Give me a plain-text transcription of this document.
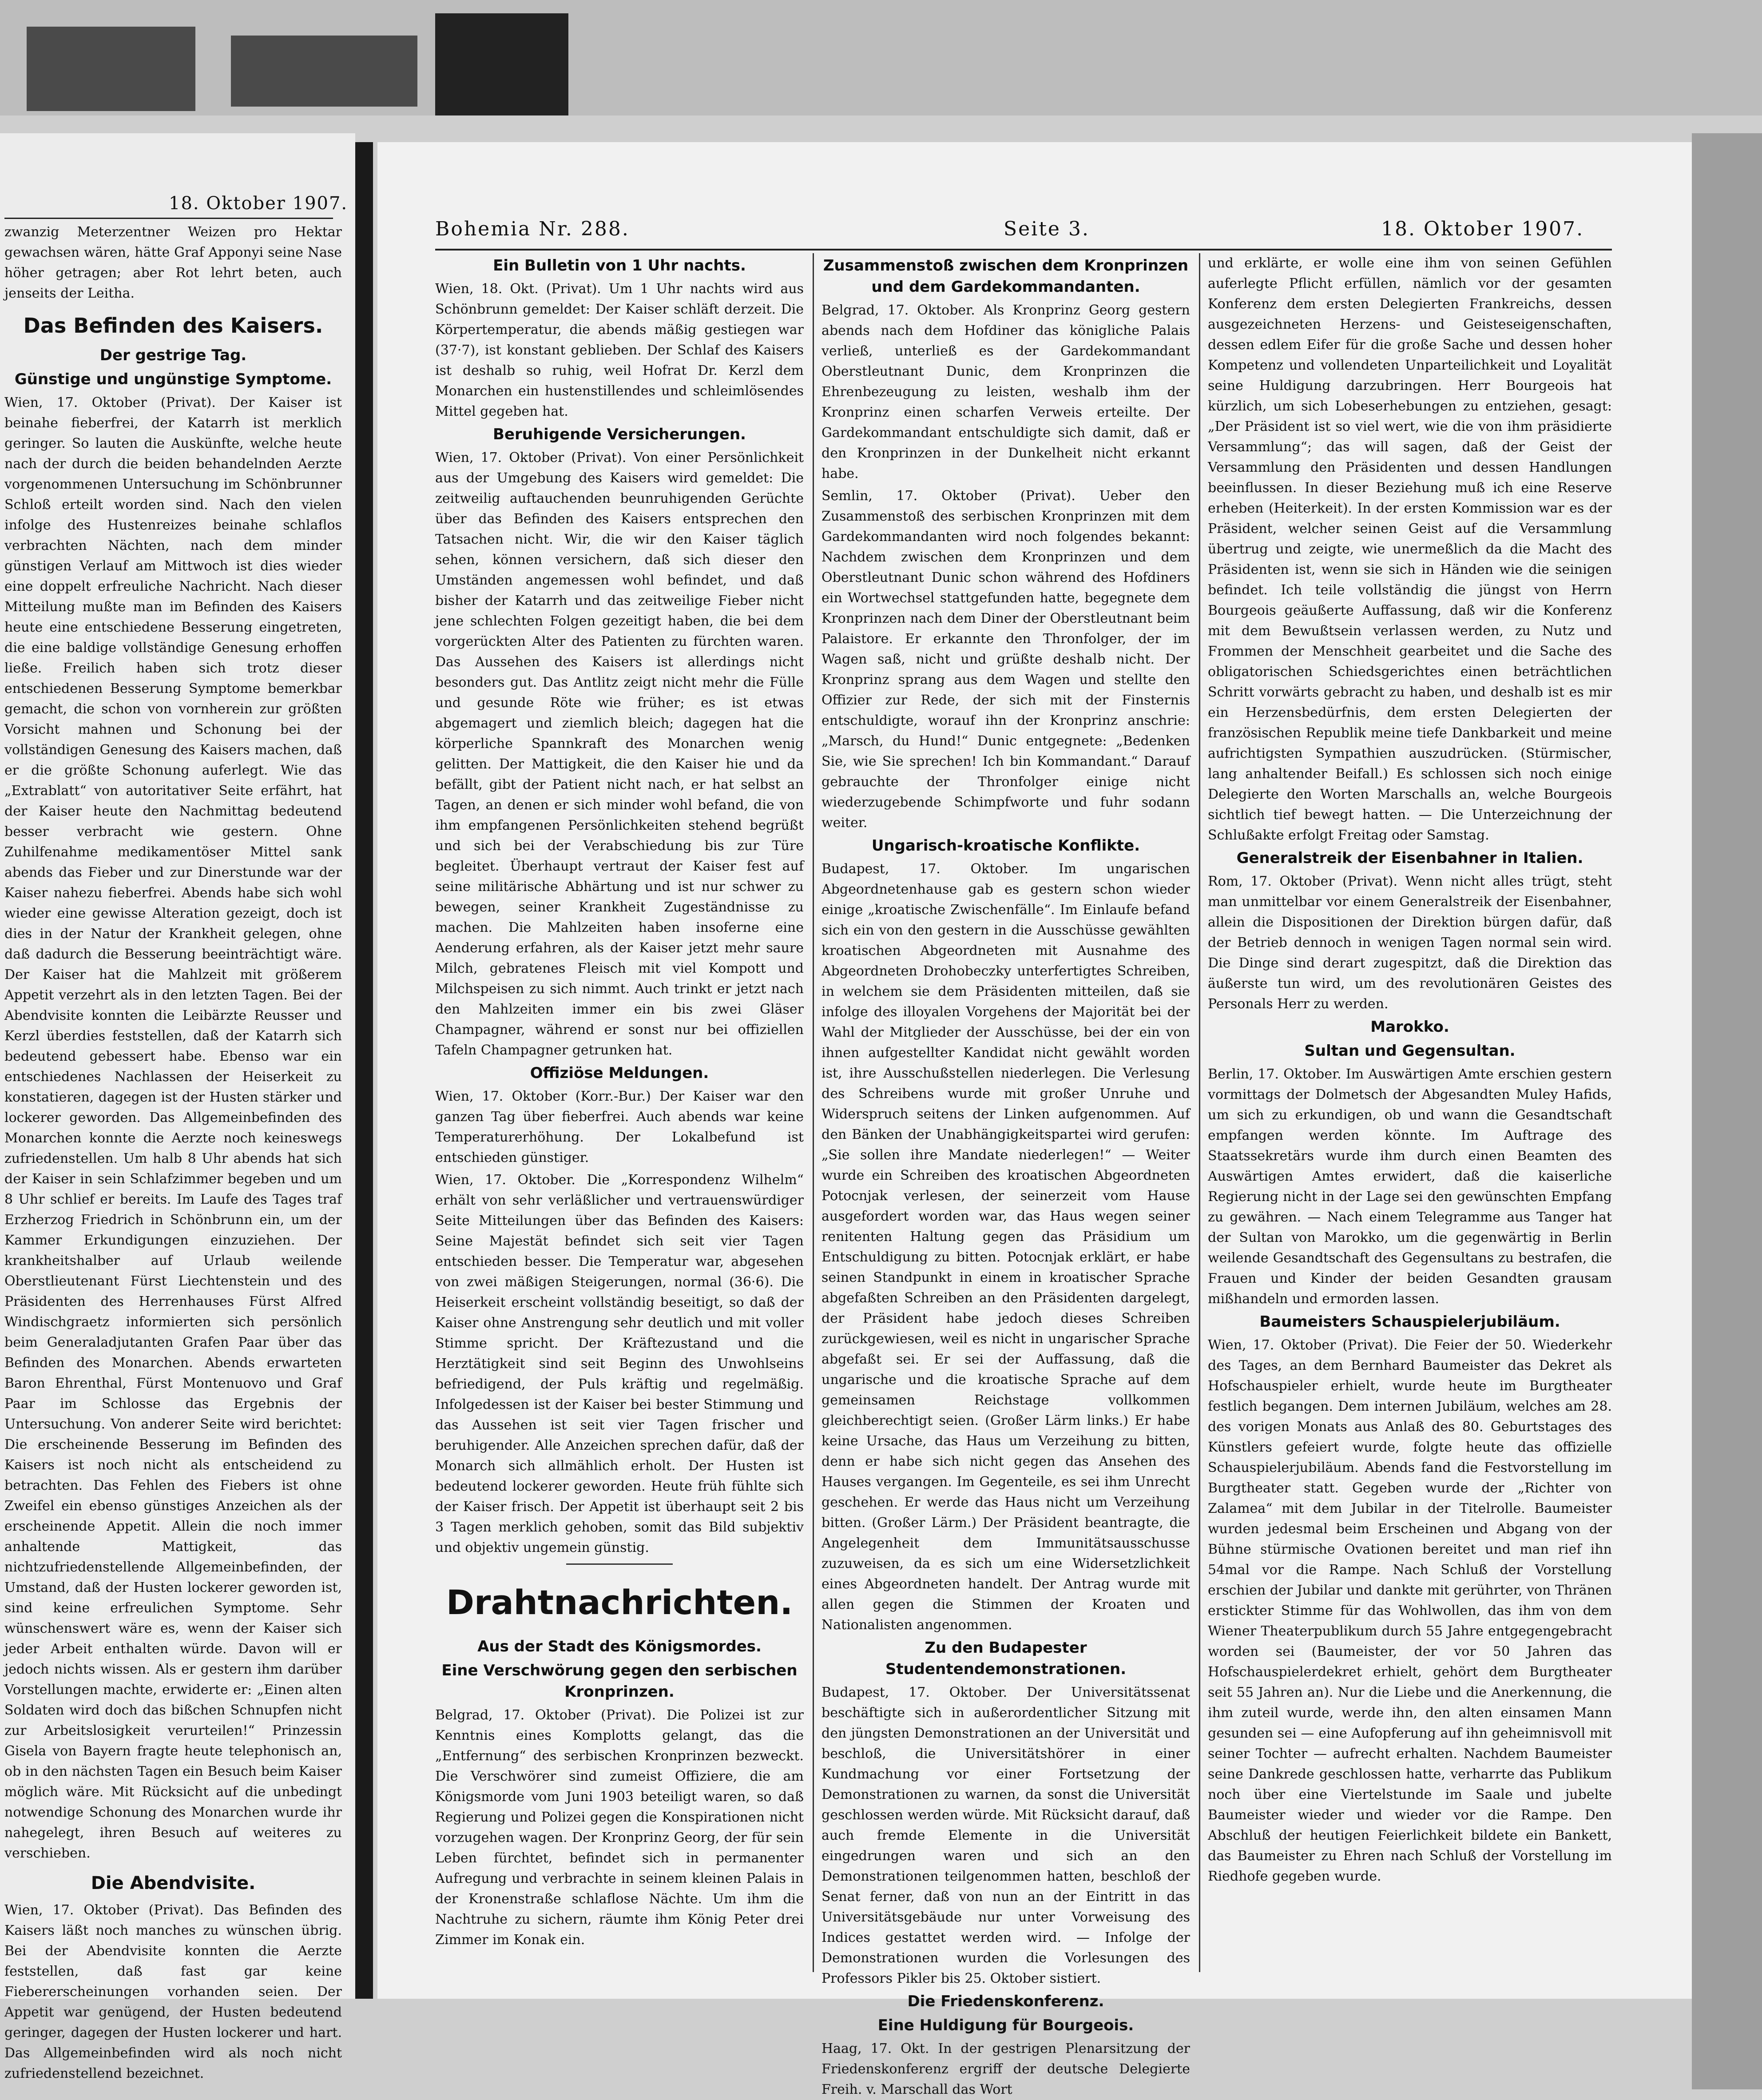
18. Oktober 1907.

zwanzig Meterzentner Weizen pro Hektar gewachsen wären, hätte Graf Apponyi seine Nase höher getragen; aber Rot lehrt beten, auch jenseits der Leitha.

Das Befinden des Kaisers.
Der gestrige Tag.
Günstige und ungünstige Symptome.

Wien, 17. Oktober (Privat). Der Kaiser ist beinahe fieberfrei, der Katarrh ist merklich geringer. So lauten die Auskünfte, welche heute nach der durch die beiden behandelnden Aerzte vorgenommenen Untersuchung im Schönbrunner Schloß erteilt worden sind. Nach den vielen infolge des Hustenreizes beinahe schlaflos verbrachten Nächten, nach dem minder günstigen Verlauf am Mittwoch ist dies wieder eine doppelt erfreuliche Nachricht. Nach dieser Mitteilung mußte man im Befinden des Kaisers heute eine entschiedene Besserung eingetreten, die eine baldige vollständige Genesung erhoffen ließe. Freilich haben sich trotz dieser entschiedenen Besserung Symptome bemerkbar gemacht, die schon von vornherein zur größten Vorsicht mahnen und Schonung bei der vollständigen Genesung des Kaisers machen, daß er die größte Schonung auferlegt. Wie das „Extrablatt“ von autoritativer Seite erfährt, hat der Kaiser heute den Nachmittag bedeutend besser verbracht wie gestern. Ohne Zuhilfenahme medikamentöser Mittel sank abends das Fieber und zur Dinerstunde war der Kaiser nahezu fieberfrei. Abends habe sich wohl wieder eine gewisse Alteration gezeigt, doch ist dies in der Natur der Krankheit gelegen, ohne daß dadurch die Besserung beeinträchtigt wäre. Der Kaiser hat die Mahlzeit mit größerem Appetit verzehrt als in den letzten Tagen. Bei der Abendvisite konnten die Leibärzte Reusser und Kerzl überdies feststellen, daß der Katarrh sich bedeutend gebessert habe. Ebenso war ein entschiedenes Nachlassen der Heiserkeit zu konstatieren, dagegen ist der Husten stärker und lockerer geworden. Das Allgemeinbefinden des Monarchen konnte die Aerzte noch keineswegs zufriedenstellen. Um halb 8 Uhr abends hat sich der Kaiser in sein Schlafzimmer begeben und um 8 Uhr schlief er bereits. Im Laufe des Tages traf Erzherzog Friedrich in Schönbrunn ein, um der Kammer Erkundigungen einzuziehen. Der krankheitshalber auf Urlaub weilende Oberstlieutenant Fürst Liechtenstein und des Präsidenten des Herrenhauses Fürst Alfred Windischgraetz informierten sich persönlich beim Generaladjutanten Grafen Paar über das Befinden des Monarchen. Abends erwarteten Baron Ehrenthal, Fürst Montenuovo und Graf Paar im Schlosse das Ergebnis der Untersuchung. Von anderer Seite wird berichtet: Die erscheinende Besserung im Befinden des Kaisers ist noch nicht als entscheidend zu betrachten. Das Fehlen des Fiebers ist ohne Zweifel ein ebenso günstiges Anzeichen als der erscheinende Appetit. Allein die noch immer anhaltende Mattigkeit, das nichtzufriedenstellende Allgemeinbefinden, der Umstand, daß der Husten lockerer geworden ist, sind keine erfreulichen Symptome. Sehr wünschenswert wäre es, wenn der Kaiser sich jeder Arbeit enthalten würde. Davon will er jedoch nichts wissen. Als er gestern ihm darüber Vorstellungen machte, erwiderte er: „Einen alten Soldaten wird doch das bißchen Schnupfen nicht zur Arbeitslosigkeit verurteilen!“ Prinzessin Gisela von Bayern fragte heute telephonisch an, ob in den nächsten Tagen ein Besuch beim Kaiser möglich wäre. Mit Rücksicht auf die unbedingt notwendige Schonung des Monarchen wurde ihr nahegelegt, ihren Besuch auf weiteres zu verschieben.

Die Abendvisite.

Wien, 17. Oktober (Privat). Das Befinden des Kaisers läßt noch manches zu wünschen übrig. Bei der Abendvisite konnten die Aerzte feststellen, daß fast gar keine Fiebererscheinungen vorhanden seien. Der Appetit war genügend, der Husten bedeutend geringer, dagegen der Husten lockerer und hart. Das Allgemeinbefinden wird als noch nicht zufriedenstellend bezeichnet.

Bohemia Nr. 288.	Seite 3.	18. Oktober 1907.
Ein Bulletin von 1 Uhr nachts.

Wien, 18. Okt. (Privat). Um 1 Uhr nachts wird aus Schönbrunn gemeldet: Der Kaiser schläft derzeit. Die Körpertemperatur, die abends mäßig gestiegen war (37·7), ist konstant geblieben. Der Schlaf des Kaisers ist deshalb so ruhig, weil Hofrat Dr. Kerzl dem Monarchen ein hustenstillendes und schleimlösendes Mittel gegeben hat.

Beruhigende Versicherungen.

Wien, 17. Oktober (Privat). Von einer Persönlichkeit aus der Umgebung des Kaisers wird gemeldet: Die zeitweilig auftauchenden beunruhigenden Gerüchte über das Befinden des Kaisers entsprechen den Tatsachen nicht. Wir, die wir den Kaiser täglich sehen, können versichern, daß sich dieser den Umständen angemessen wohl befindet, und daß bisher der Katarrh und das zeitweilige Fieber nicht jene schlechten Folgen gezeitigt haben, die bei dem vorgerückten Alter des Patienten zu fürchten waren. Das Aussehen des Kaisers ist allerdings nicht besonders gut. Das Antlitz zeigt nicht mehr die Fülle und gesunde Röte wie früher; es ist etwas abgemagert und ziemlich bleich; dagegen hat die körperliche Spannkraft des Monarchen wenig gelitten. Der Mattigkeit, die den Kaiser hie und da befällt, gibt der Patient nicht nach, er hat selbst an Tagen, an denen er sich minder wohl befand, die von ihm empfangenen Persönlichkeiten stehend begrüßt und sich bei der Verabschiedung bis zur Türe begleitet. Überhaupt vertraut der Kaiser fest auf seine militärische Abhärtung und ist nur schwer zu bewegen, seiner Krankheit Zugeständnisse zu machen. Die Mahlzeiten haben insoferne eine Aenderung erfahren, als der Kaiser jetzt mehr saure Milch, gebratenes Fleisch mit viel Kompott und Milchspeisen zu sich nimmt. Auch trinkt er jetzt nach den Mahlzeiten immer ein bis zwei Gläser Champagner, während er sonst nur bei offiziellen Tafeln Champagner getrunken hat.

Offiziöse Meldungen.

Wien, 17. Oktober (Korr.-Bur.) Der Kaiser war den ganzen Tag über fieberfrei. Auch abends war keine Temperaturerhöhung. Der Lokalbefund ist entschieden günstiger.

Wien, 17. Oktober. Die „Korrespondenz Wilhelm“ erhält von sehr verläßlicher und vertrauenswürdiger Seite Mitteilungen über das Befinden des Kaisers: Seine Majestät befindet sich seit vier Tagen entschieden besser. Die Temperatur war, abgesehen von zwei mäßigen Steigerungen, normal (36·6). Die Heiserkeit erscheint vollständig beseitigt, so daß der Kaiser ohne Anstrengung sehr deutlich und mit voller Stimme spricht. Der Kräftezustand und die Herztätigkeit sind seit Beginn des Unwohlseins befriedigend, der Puls kräftig und regelmäßig. Infolgedessen ist der Kaiser bei bester Stimmung und das Aussehen ist seit vier Tagen frischer und beruhigender. Alle Anzeichen sprechen dafür, daß der Monarch sich allmählich erholt. Der Husten ist bedeutend lockerer geworden. Heute früh fühlte sich der Kaiser frisch. Der Appetit ist überhaupt seit 2 bis 3 Tagen merklich gehoben, somit das Bild subjektiv und objektiv ungemein günstig.

Drahtnachrichten.
Aus der Stadt des Königsmordes.
Eine Verschwörung gegen den serbischen Kronprinzen.

Belgrad, 17. Oktober (Privat). Die Polizei ist zur Kenntnis eines Komplotts gelangt, das die „Entfernung“ des serbischen Kronprinzen bezweckt. Die Verschwörer sind zumeist Offiziere, die am Königsmorde vom Juni 1903 beteiligt waren, so daß Regierung und Polizei gegen die Konspirationen nicht vorzugehen wagen. Der Kronprinz Georg, der für sein Leben fürchtet, befindet sich in permanenter Aufregung und verbrachte in seinem kleinen Palais in der Kronenstraße schlaflose Nächte. Um ihm die Nachtruhe zu sichern, räumte ihm König Peter drei Zimmer im Konak ein.

Zusammenstoß zwischen dem Kronprinzen und dem Gardekommandanten.

Belgrad, 17. Oktober. Als Kronprinz Georg gestern abends nach dem Hofdiner das königliche Palais verließ, unterließ es der Gardekommandant Oberstleutnant Dunic, dem Kronprinzen die Ehrenbezeugung zu leisten, weshalb ihm der Kronprinz einen scharfen Verweis erteilte. Der Gardekommandant entschuldigte sich damit, daß er den Kronprinzen in der Dunkelheit nicht erkannt habe.

Semlin, 17. Oktober (Privat). Ueber den Zusammenstoß des serbischen Kronprinzen mit dem Gardekommandanten wird noch folgendes bekannt: Nachdem zwischen dem Kronprinzen und dem Oberstleutnant Dunic schon während des Hofdiners ein Wortwechsel stattgefunden hatte, begegnete dem Kronprinzen nach dem Diner der Oberstleutnant beim Palaistore. Er erkannte den Thronfolger, der im Wagen saß, nicht und grüßte deshalb nicht. Der Kronprinz sprang aus dem Wagen und stellte den Offizier zur Rede, der sich mit der Finsternis entschuldigte, worauf ihn der Kronprinz anschrie: „Marsch, du Hund!“ Dunic entgegnete: „Bedenken Sie, wie Sie sprechen! Ich bin Kommandant.“ Darauf gebrauchte der Thronfolger einige nicht wiederzugebende Schimpfworte und fuhr sodann weiter.

Ungarisch-kroatische Konflikte.

Budapest, 17. Oktober. Im ungarischen Abgeordnetenhause gab es gestern schon wieder einige „kroatische Zwischenfälle“. Im Einlaufe befand sich ein von den gestern in die Ausschüsse gewählten kroatischen Abgeordneten mit Ausnahme des Abgeordneten Drohobeczky unterfertigtes Schreiben, in welchem sie dem Präsidenten mitteilen, daß sie infolge des illoyalen Vorgehens der Majorität bei der Wahl der Mitglieder der Ausschüsse, bei der ein von ihnen aufgestellter Kandidat nicht gewählt worden ist, ihre Ausschußstellen niederlegen. Die Verlesung des Schreibens wurde mit großer Unruhe und Widerspruch seitens der Linken aufgenommen. Auf den Bänken der Unabhängigkeitspartei wird gerufen: „Sie sollen ihre Mandate niederlegen!“ — Weiter wurde ein Schreiben des kroatischen Abgeordneten Potocnjak verlesen, der seinerzeit vom Hause ausgefordert worden war, das Haus wegen seiner renitenten Haltung gegen das Präsidium um Entschuldigung zu bitten. Potocnjak erklärt, er habe seinen Standpunkt in einem in kroatischer Sprache abgefaßten Schreiben an den Präsidenten dargelegt, der Präsident habe jedoch dieses Schreiben zurückgewiesen, weil es nicht in ungarischer Sprache abgefaßt sei. Er sei der Auffassung, daß die ungarische und die kroatische Sprache auf dem gemeinsamen Reichstage vollkommen gleichberechtigt seien. (Großer Lärm links.) Er habe keine Ursache, das Haus um Verzeihung zu bitten, denn er habe sich nicht gegen das Ansehen des Hauses vergangen. Im Gegenteile, es sei ihm Unrecht geschehen. Er werde das Haus nicht um Verzeihung bitten. (Großer Lärm.) Der Präsident beantragte, die Angelegenheit dem Immunitätsausschusse zuzuweisen, da es sich um eine Widersetzlichkeit eines Abgeordneten handelt. Der Antrag wurde mit allen gegen die Stimmen der Kroaten und Nationalisten angenommen.

Zu den Budapester Studentendemonstrationen.

Budapest, 17. Oktober. Der Universitätssenat beschäftigte sich in außerordentlicher Sitzung mit den jüngsten Demonstrationen an der Universität und beschloß, die Universitätshörer in einer Kundmachung vor einer Fortsetzung der Demonstrationen zu warnen, da sonst die Universität geschlossen werden würde. Mit Rücksicht darauf, daß auch fremde Elemente in die Universität eingedrungen waren und sich an den Demonstrationen teilgenommen hatten, beschloß der Senat ferner, daß von nun an der Eintritt in das Universitätsgebäude nur unter Vorweisung des Indices gestattet werden wird. — Infolge der Demonstrationen wurden die Vorlesungen des Professors Pikler bis 25. Oktober sistiert.

Die Friedenskonferenz.
Eine Huldigung für Bourgeois.

Haag, 17. Okt. In der gestrigen Plenarsitzung der Friedenskonferenz ergriff der deutsche Delegierte Freih. v. Marschall das Wort

und erklärte, er wolle eine ihm von seinen Gefühlen auferlegte Pflicht erfüllen, nämlich vor der gesamten Konferenz dem ersten Delegierten Frankreichs, dessen ausgezeichneten Herzens- und Geisteseigenschaften, dessen edlem Eifer für die große Sache und dessen hoher Kompetenz und vollendeten Unparteilichkeit und Loyalität seine Huldigung darzubringen. Herr Bourgeois hat kürzlich, um sich Lobeserhebungen zu entziehen, gesagt: „Der Präsident ist so viel wert, wie die von ihm präsidierte Versammlung“; das will sagen, daß der Geist der Versammlung den Präsidenten und dessen Handlungen beeinflussen. In dieser Beziehung muß ich eine Reserve erheben (Heiterkeit). In der ersten Kommission war es der Präsident, welcher seinen Geist auf die Versammlung übertrug und zeigte, wie unermeßlich da die Macht des Präsidenten ist, wenn sie sich in Händen wie die seinigen befindet. Ich teile vollständig die jüngst von Herrn Bourgeois geäußerte Auffassung, daß wir die Konferenz mit dem Bewußtsein verlassen werden, zu Nutz und Frommen der Menschheit gearbeitet und die Sache des obligatorischen Schiedsgerichtes einen beträchtlichen Schritt vorwärts gebracht zu haben, und deshalb ist es mir ein Herzensbedürfnis, dem ersten Delegierten der französischen Republik meine tiefe Dankbarkeit und meine aufrichtigsten Sympathien auszudrücken. (Stürmischer, lang anhaltender Beifall.) Es schlossen sich noch einige Delegierte den Worten Marschalls an, welche Bourgeois sichtlich tief bewegt hatten. — Die Unterzeichnung der Schlußakte erfolgt Freitag oder Samstag.

Generalstreik der Eisenbahner in Italien.

Rom, 17. Oktober (Privat). Wenn nicht alles trügt, steht man unmittelbar vor einem Generalstreik der Eisenbahner, allein die Dispositionen der Direktion bürgen dafür, daß der Betrieb dennoch in wenigen Tagen normal sein wird. Die Dinge sind derart zugespitzt, daß die Direktion das äußerste tun wird, um des revolutionären Geistes des Personals Herr zu werden.

Marokko.
Sultan und Gegensultan.

Berlin, 17. Oktober. Im Auswärtigen Amte erschien gestern vormittags der Dolmetsch der Abgesandten Muley Hafids, um sich zu erkundigen, ob und wann die Gesandtschaft empfangen werden könnte. Im Auftrage des Staatssekretärs wurde ihm durch einen Beamten des Auswärtigen Amtes erwidert, daß die kaiserliche Regierung nicht in der Lage sei den gewünschten Empfang zu gewähren. — Nach einem Telegramme aus Tanger hat der Sultan von Marokko, um die gegenwärtig in Berlin weilende Gesandtschaft des Gegensultans zu bestrafen, die Frauen und Kinder der beiden Gesandten grausam mißhandeln und ermorden lassen.

Baumeisters Schauspielerjubiläum.

Wien, 17. Oktober (Privat). Die Feier der 50. Wiederkehr des Tages, an dem Bernhard Baumeister das Dekret als Hofschauspieler erhielt, wurde heute im Burgtheater festlich begangen. Dem internen Jubiläum, welches am 28. des vorigen Monats aus Anlaß des 80. Geburtstages des Künstlers gefeiert wurde, folgte heute das offizielle Schauspielerjubiläum. Abends fand die Festvorstellung im Burgtheater statt. Gegeben wurde der „Richter von Zalamea“ mit dem Jubilar in der Titelrolle. Baumeister wurden jedesmal beim Erscheinen und Abgang von der Bühne stürmische Ovationen bereitet und man rief ihn 54mal vor die Rampe. Nach Schluß der Vorstellung erschien der Jubilar und dankte mit gerührter, von Thränen erstickter Stimme für das Wohlwollen, das ihm von dem Wiener Theaterpublikum durch 55 Jahre entgegengebracht worden sei (Baumeister, der vor 50 Jahren das Hofschauspielerdekret erhielt, gehört dem Burgtheater seit 55 Jahren an). Nur die Liebe und die Anerkennung, die ihm zuteil wurde, werde ihn, den alten einsamen Mann gesunden sei — eine Aufopferung auf ihn geheimnisvoll mit seiner Tochter — aufrecht erhalten. Nachdem Baumeister seine Dankrede geschlossen hatte, verharrte das Publikum noch über eine Viertelstunde im Saale und jubelte Baumeister wieder und wieder vor die Rampe. Den Abschluß der heutigen Feierlichkeit bildete ein Bankett, das Baumeister zu Ehren nach Schluß der Vorstellung im Riedhofe gegeben wurde.
